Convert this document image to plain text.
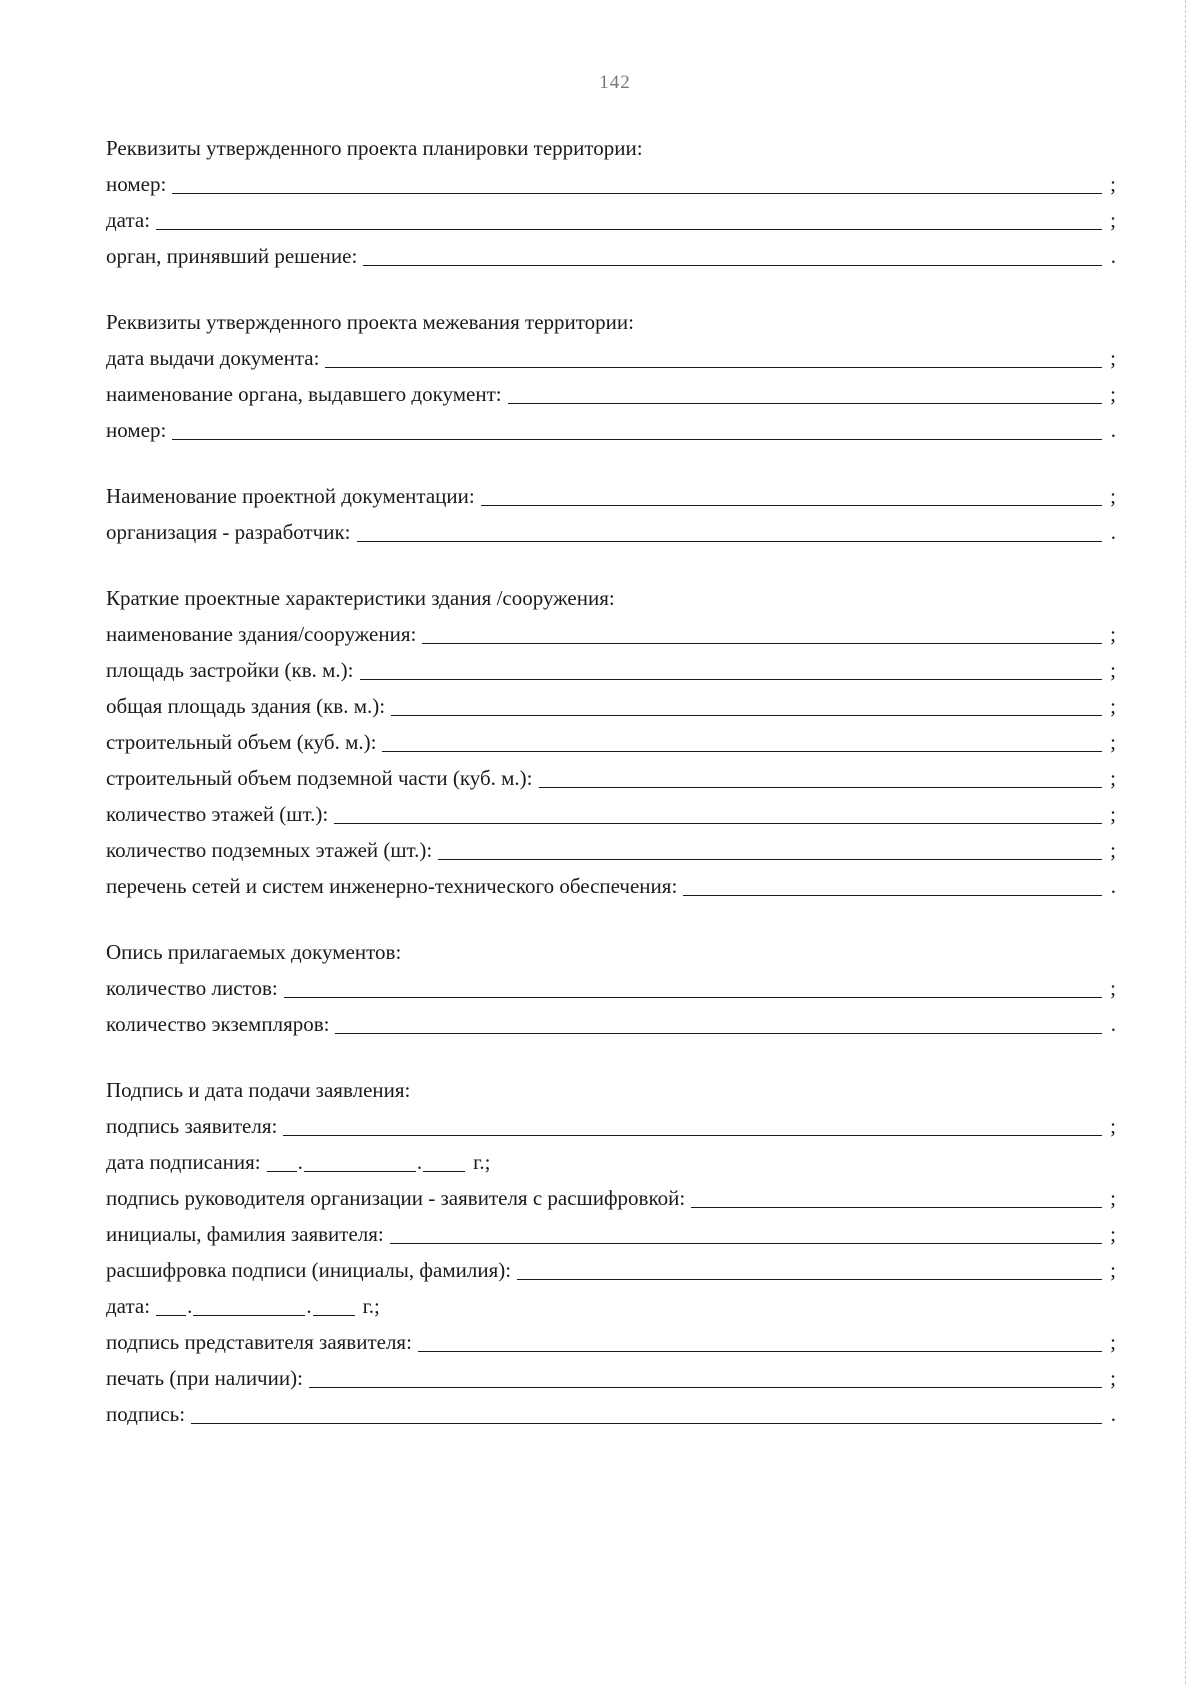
142
Реквизиты утвержденного проекта планировки территории:
номер:	;
дата:	;
орган, принявший решение:	.
Реквизиты утвержденного проекта межевания территории:
дата выдачи документа:	;
наименование органа, выдавшего документ:	;
номер:	.
Наименование проектной документации:	;
организация - разработчик:	.
Краткие проектные характеристики здания /сооружения:
наименование здания/сооружения:	;
площадь застройки (кв. м.):	;
общая площадь здания (кв. м.):	;
строительный объем (куб. м.):	;
строительный объем подземной части (куб. м.):	;
количество этажей (шт.):	;
количество подземных этажей (шт.):	;
перечень сетей и систем инженерно-технического обеспечения:	.
Опись прилагаемых документов:
количество листов:	;
количество экземпляров:	.
Подпись и дата подачи заявления:
подпись заявителя:	;
дата подписания: .	.	г.;
подпись руководителя организации - заявителя с расшифровкой:	;
инициалы, фамилия заявителя:	;
расшифровка подписи (инициалы, фамилия):	;
дата: .	.	г.;
подпись представителя заявителя:	;
печать (при наличии):	;
подпись:	.
